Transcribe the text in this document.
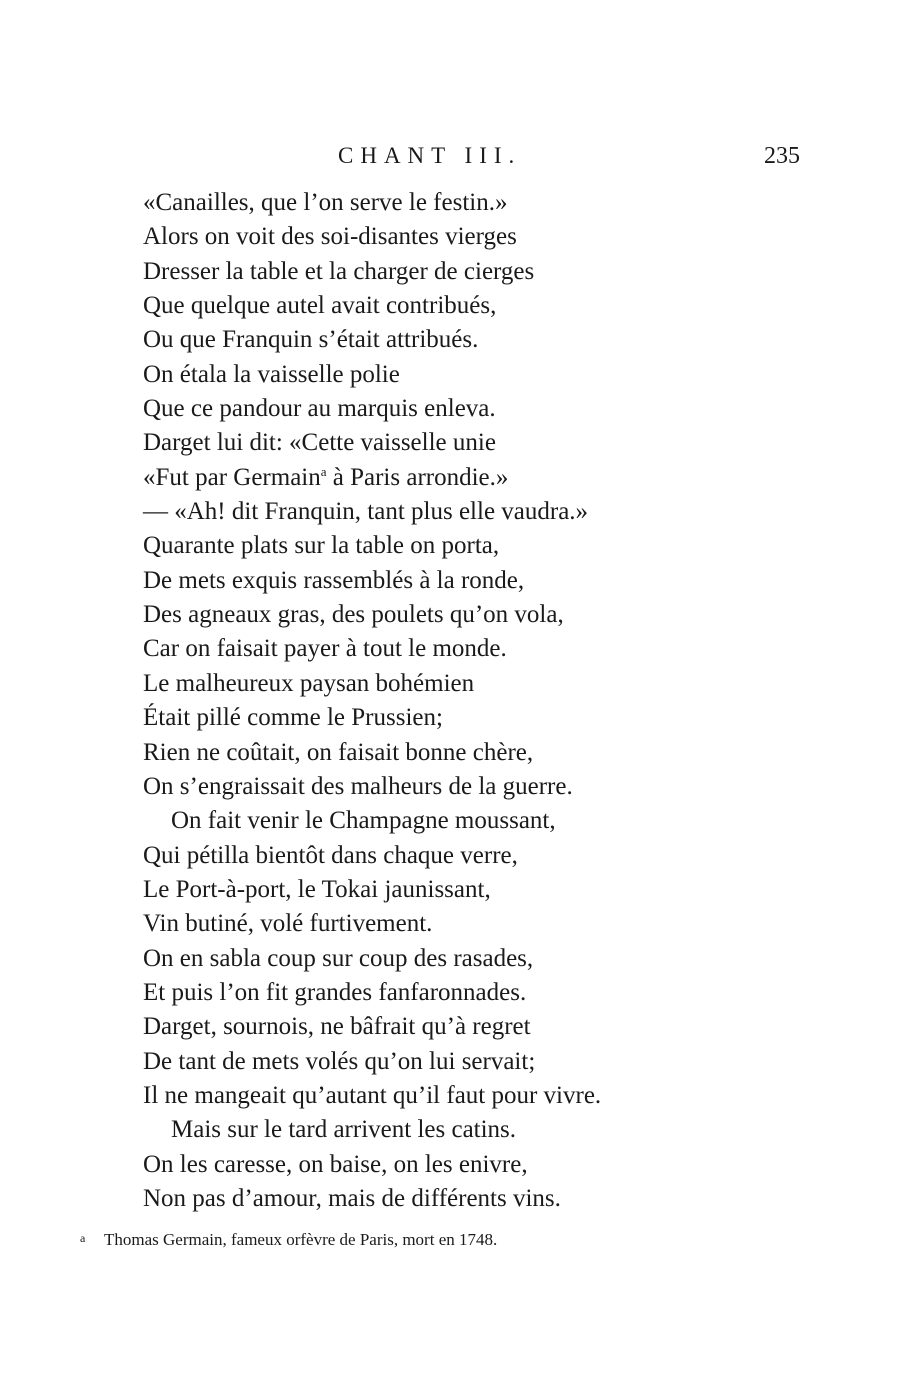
CHANT III.	235
«Canailles, que l’on serve le festin.»
Alors on voit des soi-disantes vierges
Dresser la table et la charger de cierges
Que quelque autel avait contribués,
Ou que Franquin s’était attribués.
On étala la vaisselle polie
Que ce pandour au marquis enleva.
Darget lui dit: «Cette vaisselle unie
«Fut par Germain$^a$ à Paris arrondie.»
— «Ah! dit Franquin, tant plus elle vaudra.»
Quarante plats sur la table on porta,
De mets exquis rassemblés à la ronde,
Des agneaux gras, des poulets qu’on vola,
Car on faisait payer à tout le monde.
Le malheureux paysan bohémien
Était pillé comme le Prussien;
Rien ne coûtait, on faisait bonne chère,
On s’engraissait des malheurs de la guerre.
On fait venir le Champagne moussant,
Qui pétilla bientôt dans chaque verre,
Le Port-à-port, le Tokai jaunissant,
Vin butiné, volé furtivement.
On en sabla coup sur coup des rasades,
Et puis l’on fit grandes fanfaronnades.
Darget, sournois, ne bâfrait qu’à regret
De tant de mets volés qu’on lui servait;
Il ne mangeait qu’autant qu’il faut pour vivre.
Mais sur le tard arrivent les catins.
On les caresse, on baise, on les enivre,
Non pas d’amour, mais de différents vins.
a Thomas Germain, fameux orfèvre de Paris, mort en 1748.
